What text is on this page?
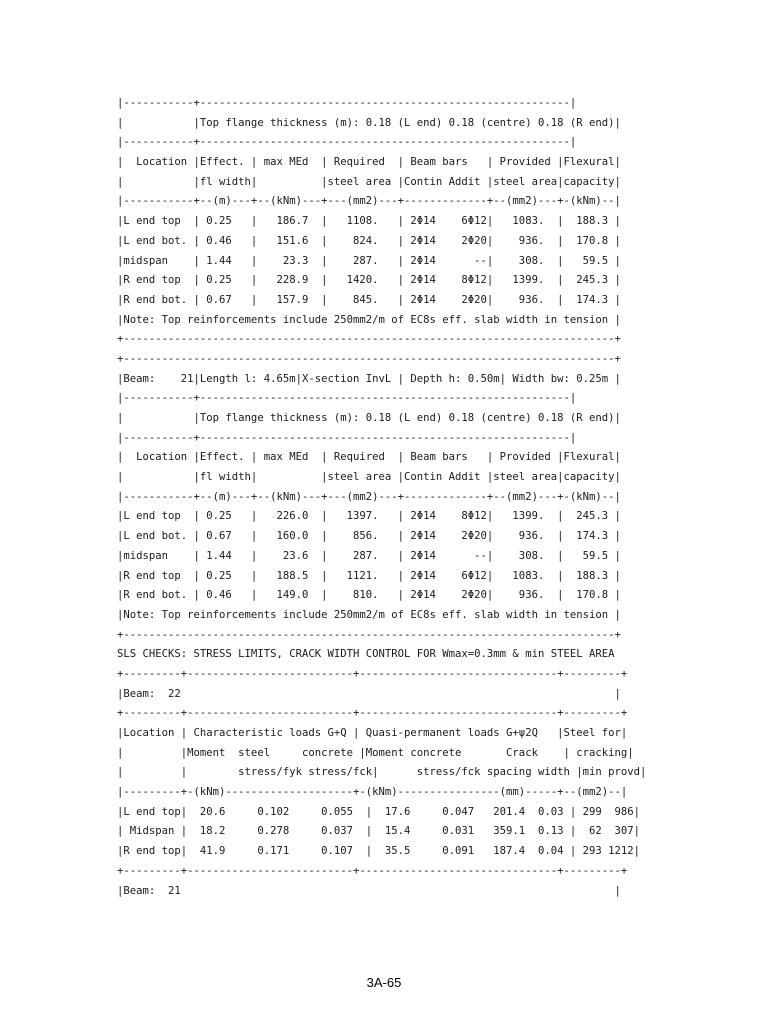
|-----------+----------------------------------------------------------|
|           |Top flange thickness (m): 0.18 (L end) 0.18 (centre) 0.18 (R end)|
|-----------+----------------------------------------------------------|
|  Location |Effect. | max MEd  | Required  | Beam bars   | Provided |Flexural|
|           |fl width|          |steel area |Contin Addit |steel area|capacity|
|-----------+--(m)---+--(kNm)---+---(mm2)---+-------------+--(mm2)---+-(kNm)--|
|L end top  | 0.25   |   186.7  |   1108.   | 2Φ14    6Φ12|   1083.  |  188.3 |
|L end bot. | 0.46   |   151.6  |    824.   | 2Φ14    2Φ20|    936.  |  170.8 |
|midspan    | 1.44   |    23.3  |    287.   | 2Φ14      --|    308.  |   59.5 |
|R end top  | 0.25   |   228.9  |   1420.   | 2Φ14    8Φ12|   1399.  |  245.3 |
|R end bot. | 0.67   |   157.9  |    845.   | 2Φ14    2Φ20|    936.  |  174.3 |
|Note: Top reinforcements include 250mm2/m of EC8s eff. slab width in tension |
+-----------------------------------------------------------------------------+
+-----------------------------------------------------------------------------+
|Beam:    21|Length l: 4.65m|X-section InvL | Depth h: 0.50m| Width bw: 0.25m |
|-----------+----------------------------------------------------------|
|           |Top flange thickness (m): 0.18 (L end) 0.18 (centre) 0.18 (R end)|
|-----------+----------------------------------------------------------|
|  Location |Effect. | max MEd  | Required  | Beam bars   | Provided |Flexural|
|           |fl width|          |steel area |Contin Addit |steel area|capacity|
|-----------+--(m)---+--(kNm)---+---(mm2)---+-------------+--(mm2)---+-(kNm)--|
|L end top  | 0.25   |   226.0  |   1397.   | 2Φ14    8Φ12|   1399.  |  245.3 |
|L end bot. | 0.67   |   160.0  |    856.   | 2Φ14    2Φ20|    936.  |  174.3 |
|midspan    | 1.44   |    23.6  |    287.   | 2Φ14      --|    308.  |   59.5 |
|R end top  | 0.25   |   188.5  |   1121.   | 2Φ14    6Φ12|   1083.  |  188.3 |
|R end bot. | 0.46   |   149.0  |    810.   | 2Φ14    2Φ20|    936.  |  170.8 |
|Note: Top reinforcements include 250mm2/m of EC8s eff. slab width in tension |
+-----------------------------------------------------------------------------+
SLS CHECKS: STRESS LIMITS, CRACK WIDTH CONTROL FOR Wmax=0.3mm & min STEEL AREA
+---------+--------------------------+-------------------------------+---------+
|Beam:  22                                                                    |
+---------+--------------------------+-------------------------------+---------+
|Location | Characteristic loads G+Q | Quasi-permanent loads G+ψ2Q   |Steel for|
|         |Moment  steel     concrete |Moment concrete       Crack    | cracking|
|         |        stress/fyk stress/fck|      stress/fck spacing width |min provd|
|---------+-(kNm)--------------------+-(kNm)----------------(mm)-----+--(mm2)--|
|L end top|  20.6     0.102     0.055  |  17.6     0.047   201.4  0.03 | 299  986|
| Midspan |  18.2     0.278     0.037  |  15.4     0.031   359.1  0.13 |  62  307|
|R end top|  41.9     0.171     0.107  |  35.5     0.091   187.4  0.04 | 293 1212|
+---------+--------------------------+-------------------------------+---------+
|Beam:  21                                                                    |
3A-65
